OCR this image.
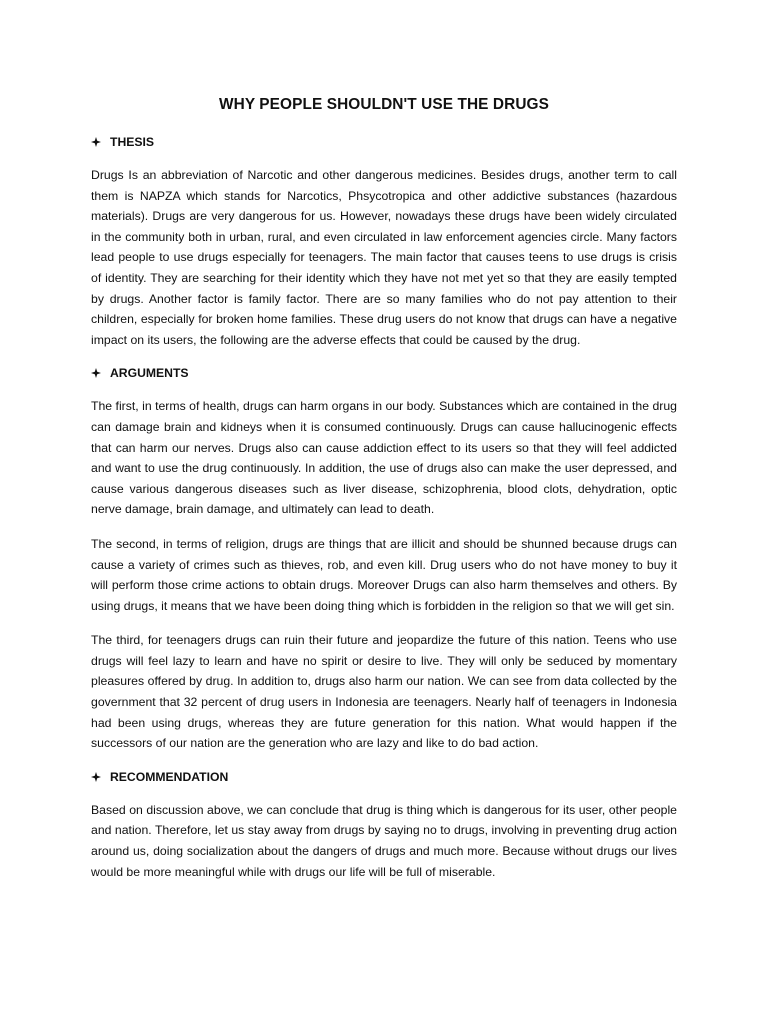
WHY PEOPLE SHOULDN'T USE THE DRUGS
THESIS

Drugs Is an abbreviation of Narcotic and other dangerous medicines. Besides drugs, another term to call them is NAPZA which stands for Narcotics, Phsycotropica and other addictive substances (hazardous materials). Drugs are very dangerous for us. However, nowadays these drugs have been widely circulated in the community both in urban, rural, and even circulated in law enforcement agencies circle. Many factors lead people to use drugs especially for teenagers. The main factor that causes teens to use drugs is crisis of identity. They are searching for their identity which they have not met yet so that they are easily tempted by drugs. Another factor is family factor. There are so many families who do not pay attention to their children, especially for broken home families. These drug users do not know that drugs can have a negative impact on its users, the following are the adverse effects that could be caused by the drug.

ARGUMENTS

The first, in terms of health, drugs can harm organs in our body. Substances which are contained in the drug can damage brain and kidneys when it is consumed continuously. Drugs can cause hallucinogenic effects that can harm our nerves. Drugs also can cause addiction effect to its users so that they will feel addicted and want to use the drug continuously. In addition, the use of drugs also can make the user depressed, and cause various dangerous diseases such as liver disease, schizophrenia, blood clots, dehydration, optic nerve damage, brain damage, and ultimately can lead to death.

The second, in terms of religion, drugs are things that are illicit and should be shunned because drugs can cause a variety of crimes such as thieves, rob, and even kill. Drug users who do not have money to buy it will perform those crime actions to obtain drugs. Moreover Drugs can also harm themselves and others. By using drugs, it means that we have been doing thing which is forbidden in the religion so that we will get sin.

The third, for teenagers drugs can ruin their future and jeopardize the future of this nation. Teens who use drugs will feel lazy to learn and have no spirit or desire to live. They will only be seduced by momentary pleasures offered by drug. In addition to, drugs also harm our nation. We can see from data collected by the government that 32 percent of drug users in Indonesia are teenagers. Nearly half of teenagers in Indonesia had been using drugs, whereas they are future generation for this nation. What would happen if the successors of our nation are the generation who are lazy and like to do bad action.

RECOMMENDATION

Based on discussion above, we can conclude that drug is thing which is dangerous for its user, other people and nation. Therefore, let us stay away from drugs by saying no to drugs, involving in preventing drug action around us, doing socialization about the dangers of drugs and much more. Because without drugs our lives would be more meaningful while with drugs our life will be full of miserable.
